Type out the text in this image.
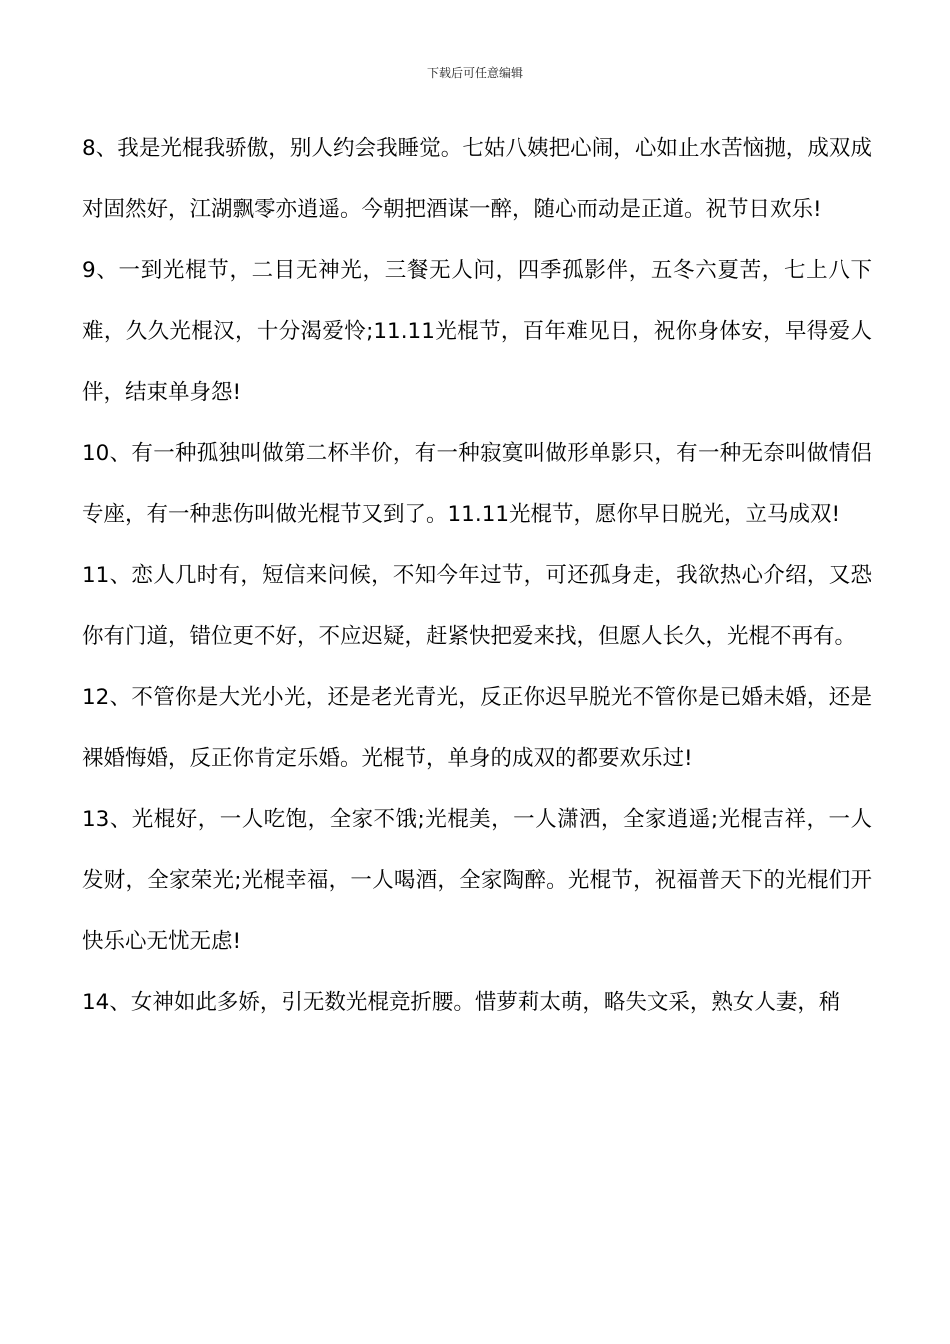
下载后可任意编辑

8、我是光棍我骄傲，别人约会我睡觉。七姑八姨把心闹，心如止水苦恼抛，成双成对固然好，江湖飘零亦逍遥。今朝把酒谋一醉，随心而动是正道。祝节日欢乐!

9、一到光棍节，二目无神光，三餐无人问，四季孤影伴，五冬六夏苦，七上八下难，久久光棍汉，十分渴爱怜;11.11光棍节，百年难见日，祝你身体安，早得爱人伴，结束单身怨!

10、有一种孤独叫做第二杯半价，有一种寂寞叫做形单影只，有一种无奈叫做情侣专座，有一种悲伤叫做光棍节又到了。11.11光棍节，愿你早日脱光，立马成双!

11、恋人几时有，短信来问候，不知今年过节，可还孤身走，我欲热心介绍，又恐你有门道，错位更不好，不应迟疑，赶紧快把爱来找，但愿人长久，光棍不再有。

12、不管你是大光小光，还是老光青光，反正你迟早脱光不管你是已婚未婚，还是裸婚悔婚，反正你肯定乐婚。光棍节，单身的成双的都要欢乐过!

13、光棍好，一人吃饱，全家不饿;光棍美，一人潇洒，全家逍遥;光棍吉祥，一人发财，全家荣光;光棍幸福，一人喝酒，全家陶醉。光棍节，祝福普天下的光棍们开快乐心无忧无虑!

14、女神如此多娇，引无数光棍竞折腰。惜萝莉太萌，略失文采，熟女人妻，稍
